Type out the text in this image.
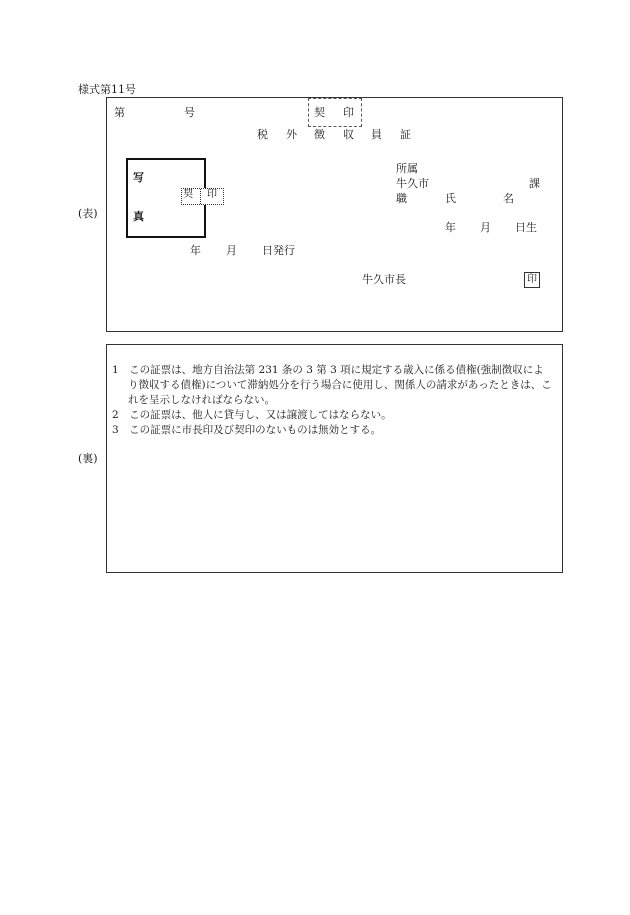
様式第11号
(表)
(裏)
第	号	契 印
税 外 徴 収 員 証
写
真
契 印
所属
牛久市	課
職	氏	名
年 月 日生
年 月 日発行
牛久市長	印

1　この証票は、地方自治法第 231 条の 3 第 3 項に規定する歳入に係る債権(強制徴収により徴収する債権)について滞納処分を行う場合に使用し、関係人の請求があったときは、これを呈示しなければならない。

2　この証票は、他人に貸与し、又は譲渡してはならない。

3　この証票に市長印及び契印のないものは無効とする。
